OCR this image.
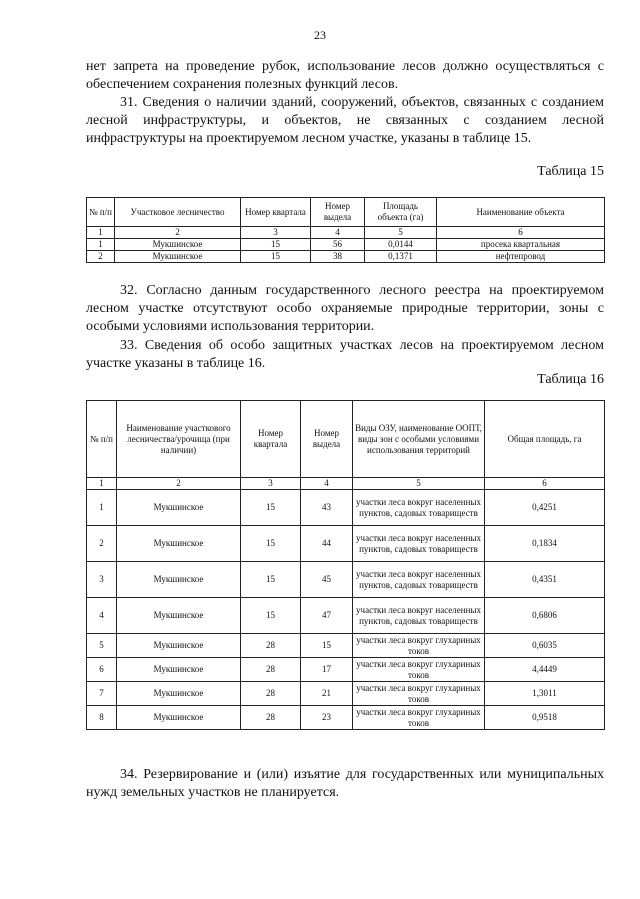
23

нет запрета на проведение рубок, использование лесов должно осуществляться с обеспечением сохранения полезных функций лесов.

31. Сведения о наличии зданий, сооружений, объектов, связанных с созданием лесной инфраструктуры, и объектов, не связанных с созданием лесной инфраструктуры на проектируемом лесном участке, указаны в таблице 15.

Таблица 15
№ п/п	Участковое лесничество	Номер квартала	Номер выдела	Площадь объекта (га)	Наименование объекта
1	2	3	4	5	6
1	Мукшинское	15	56	0,0144	просека квартальная
2	Мукшинское	15	38	0,1371	нефтепровод

32. Согласно данным государственного лесного реестра на проектируемом лесном участке отсутствуют особо охраняемые природные территории, зоны с особыми условиями использования территории.

33. Сведения об особо защитных участках лесов на проектируемом лесном участке указаны в таблице 16.

Таблица 16
№ п/п	Наименование участкового лесничества/урочища (при наличии)	Номер квартала	Номер выдела	Виды ОЗУ, наименование ООПТ, виды зон с особыми условиями использования территорий	Общая площадь, га
1	2	3	4	5	6
1	Мукшинское	15	43	участки леса вокруг населенных пунктов, садовых товариществ	0,4251
2	Мукшинское	15	44	участки леса вокруг населенных пунктов, садовых товариществ	0,1834
3	Мукшинское	15	45	участки леса вокруг населенных пунктов, садовых товариществ	0,4351
4	Мукшинское	15	47	участки леса вокруг населенных пунктов, садовых товариществ	0,6806
5	Мукшинское	28	15	участки леса вокруг глухариных токов	0,6035
6	Мукшинское	28	17	участки леса вокруг глухариных токов	4,4449
7	Мукшинское	28	21	участки леса вокруг глухариных токов	1,3011
8	Мукшинское	28	23	участки леса вокруг глухариных токов	0,9518

34. Резервирование и (или) изъятие для государственных или муниципальных нужд земельных участков не планируется.
